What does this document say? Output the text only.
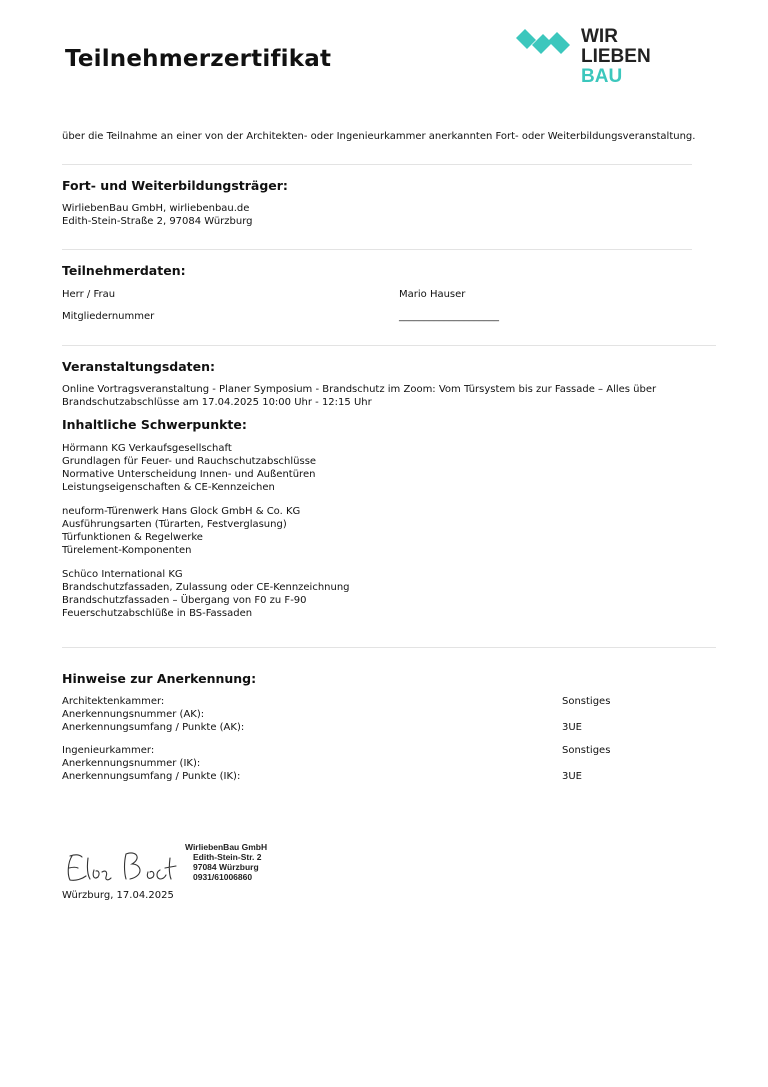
Teilnehmerzertifikat
WIR
LIEBEN
BAU
über die Teilnahme an einer von der Architekten- oder Ingenieurkammer anerkannten Fort- oder Weiterbildungsveranstaltung.
Fort- und Weiterbildungsträger:
WirliebenBau GmbH, wirliebenbau.de
Edith-Stein-Straße 2, 97084 Würzburg
Teilnehmerdaten:
Herr / Frau	Mario Hauser
Mitgliedernummer	____________________
Veranstaltungsdaten:
Online Vortragsveranstaltung - Planer Symposium - Brandschutz im Zoom: Vom Türsystem bis zur Fassade – Alles über
Brandschutzabschlüsse am 17.04.2025 10:00 Uhr - 12:15 Uhr
Inhaltliche Schwerpunkte:
Hörmann KG Verkaufsgesellschaft
Grundlagen für Feuer- und Rauchschutzabschlüsse
Normative Unterscheidung Innen- und Außentüren
Leistungseigenschaften & CE-Kennzeichen
neuform-Türenwerk Hans Glock GmbH & Co. KG
Ausführungsarten (Türarten, Festverglasung)
Türfunktionen & Regelwerke
Türelement-Komponenten
Schüco International KG
Brandschutzfassaden, Zulassung oder CE-Kennzeichnung
Brandschutzfassaden – Übergang von F0 zu F-90
Feuerschutzabschlüße in BS-Fassaden
Hinweise zur Anerkennung:
Architektenkammer:	Sonstiges
Anerkennungsnummer (AK):
Anerkennungsumfang / Punkte (AK):	3UE
Ingenieurkammer:	Sonstiges
Anerkennungsnummer (IK):
Anerkennungsumfang / Punkte (IK):	3UE
WirliebenBau GmbH
Edith-Stein-Str. 2
97084 Würzburg
0931/61006860
Würzburg, 17.04.2025
